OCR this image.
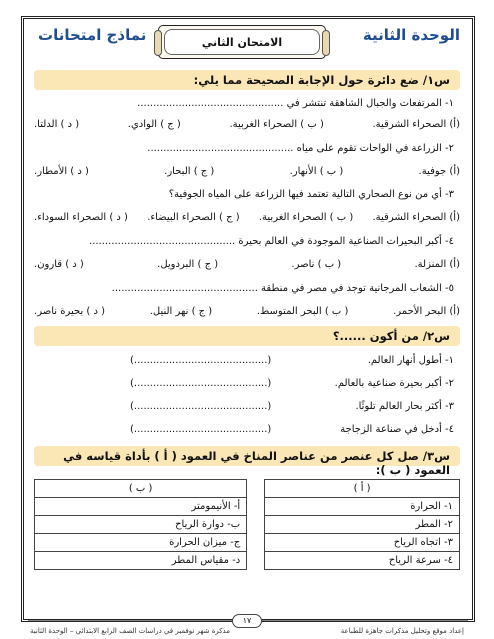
الوحدة الثانية
نماذج امتحانات	الامتحان الثاني
س١/ ضع دائرة حول الإجابة الصحيحة مما يلي:
١- المرتفعات والجبال الشاهقة تنتشر في ..............................................
(أ) الصحراء الشرقية.
( ب ) الصحراء الغربية.
( ج ) الوادي.
( د ) الدلتا.
٢- الزراعة في الواحات تقوم على مياه ..............................................
(أ) جوفية.
( ب ) الأنهار.
( ج ) البحار.
( د ) الأمطار.
٣- أي من نوع الصحاري التالية تعتمد فيها الزراعة على المياه الجوفية؟
(أ) الصحراء الشرقية.
( ب ) الصحراء الغربية.
( ج ) الصحراء البيضاء.
( د ) الصحراء السوداء.
٤- أكبر البحيرات الصناعية الموجودة في العالم بحيرة ..............................................
(أ) المنزلة.
( ب ) ناصر.
( ج ) البردويل.
( د ) قارون.
٥- الشعاب المرجانية توجد في مصر في منطقة ..............................................
(أ) البحر الأحمر.
( ب ) البحر المتوسط.
( ج ) نهر النيل.
( د ) بحيرة ناصر.
س٢/ من أكون ......؟
١- أطول أنهار العالم.
(..........................................)
٢- أكبر بحيرة صناعية بالعالم.
(..........................................)
٣- أكثر بحار العالم تلوثًا.
(..........................................)
٤- أدخل في صناعة الزجاجة
(..........................................)
س٣/ صل كل عنصر من عناصر المناخ في العمود ( أ ) بأداة قياسه في العمود ( ب ):
( أ )		( ب )
١- الحرارة		أ- الأنيمومتر
٢- المطر		ب- دوارة الرياح
٣- اتجاه الرياح		ج- ميزان الحرارة
٤- سرعة الرياح		د- مقياس المطر
١٧
مذكرة شهر نوفمبر في دراسات الصف الرابع الابتدائي – الوحدة الثانية	إعداد موقع وتحليل مذكرات جاهزة للطباعة
